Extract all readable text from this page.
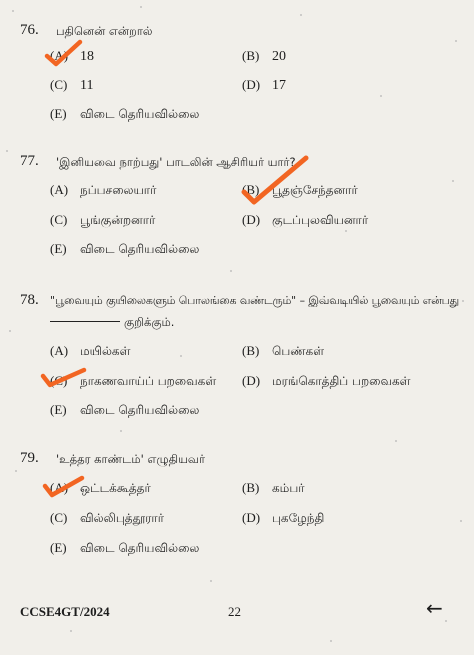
76. பதினென் என்றால்
(A) 18	(B) 20
(C) 11	(D) 17
(E) விடை தெரியவில்லை
77. 'இனியவை நாற்பது' பாடலின் ஆசிரியர் யார்?
(A) நப்பசலையார்	(B) பூதஞ்சேந்தனார்
(C) பூங்குன்றனார்	(D) குடப்புலவியனார்
(E) விடை தெரியவில்லை
78. "பூவையும் குயிலைகளும் பொலங்கை வண்டரும்" – இவ்வடியில் பூவையும் என்பது
குறிக்கும்.
(A) மயில்கள்	(B) பெண்கள்
(C) நாகணவாய்ப் பறவைகள் (D) மரங்கொத்திப் பறவைகள்
(E) விடை தெரியவில்லை
79. 'உத்தர காண்டம்' எழுதியவர்
(A) ஒட்டக்கூத்தர்	(B) கம்பர்
(C) வில்லிபுத்தூரார்	(D) புகழேந்தி
(E) விடை தெரியவில்லை
CCSE4GT/2024	22	←
